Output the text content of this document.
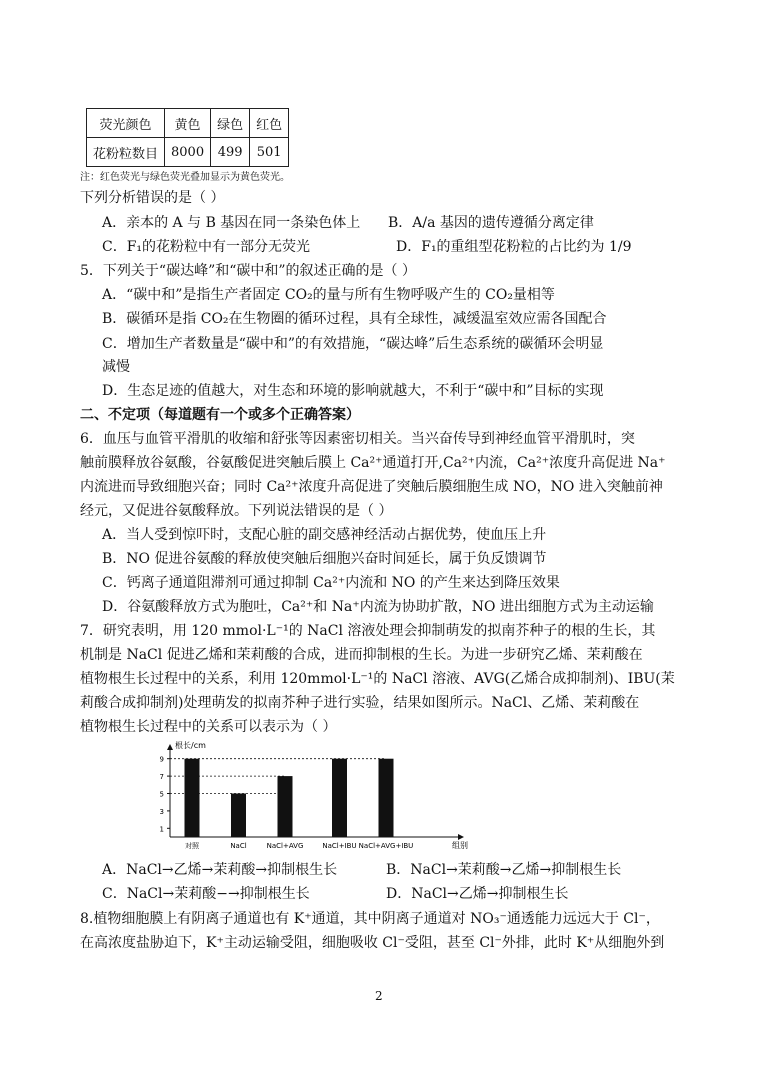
荧光颜色	黄色	绿色	红色
花粉粒数目	8000	499	501
注：红色荧光与绿色荧光叠加显示为黄色荧光。
下列分析错误的是（ ）
A．亲本的 A 与 B 基因在同一条染色体上 B．A/a 基因的遗传遵循分离定律
C．F₁的花粉粒中有一部分无荧光	D．F₁的重组型花粉粒的占比约为 1/9
5．下列关于“碳达峰”和“碳中和”的叙述正确的是（ ）
A．“碳中和”是指生产者固定 CO₂的量与所有生物呼吸产生的 CO₂量相等
B．碳循环是指 CO₂在生物圈的循环过程，具有全球性，减缓温室效应需各国配合
C．增加生产者数量是“碳中和”的有效措施，“碳达峰”后生态系统的碳循环会明显
减慢
D．生态足迹的值越大，对生态和环境的影响就越大，不利于“碳中和”目标的实现
二、不定项（每道题有一个或多个正确答案）
6．血压与血管平滑肌的收缩和舒张等因素密切相关。当兴奋传导到神经血管平滑肌时，突
触前膜释放谷氨酸，谷氨酸促进突触后膜上 Ca²⁺通道打开,Ca²⁺内流，Ca²⁺浓度升高促进 Na⁺
内流进而导致细胞兴奋；同时 Ca²⁺浓度升高促进了突触后膜细胞生成 NO，NO 进入突触前神
经元，又促进谷氨酸释放。下列说法错误的是（ ）
A．当人受到惊吓时，支配心脏的副交感神经活动占据优势，使血压上升
B．NO 促进谷氨酸的释放使突触后细胞兴奋时间延长，属于负反馈调节
C．钙离子通道阻滞剂可通过抑制 Ca²⁺内流和 NO 的产生来达到降压效果
D．谷氨酸释放方式为胞吐，Ca²⁺和 Na⁺内流为协助扩散，NO 进出细胞方式为主动运输
7．研究表明，用 120 mmol·L⁻¹的 NaCl 溶液处理会抑制萌发的拟南芥种子的根的生长，其
机制是 NaCl 促进乙烯和茉莉酸的合成，进而抑制根的生长。为进一步研究乙烯、茉莉酸在
植物根生长过程中的关系，利用 120mmol·L⁻¹的 NaCl 溶液、AVG(乙烯合成抑制剂)、IBU(茉
莉酸合成抑制剂)处理萌发的拟南芥种子进行实验，结果如图所示。NaCl、乙烯、茉莉酸在
植物根生长过程中的关系可以表示为（ ）
1
3
5
7
9
对照	NaCl	NaCl+AVG	NaCl+IBU NaCl+AVG+IBU
根长/cm
组别
A．NaCl→乙烯→茉莉酸→抑制根生长	B．NaCl→茉莉酸→乙烯→抑制根生长
C．NaCl→茉莉酸−→抑制根生长	D．NaCl→乙烯→抑制根生长
8.植物细胞膜上有阴离子通道也有 K⁺通道，其中阴离子通道对 NO₃⁻通透能力远远大于 Cl⁻，
在高浓度盐胁迫下，K⁺主动运输受阻，细胞吸收 Cl⁻受阻，甚至 Cl⁻外排，此时 K⁺从细胞外到
2
